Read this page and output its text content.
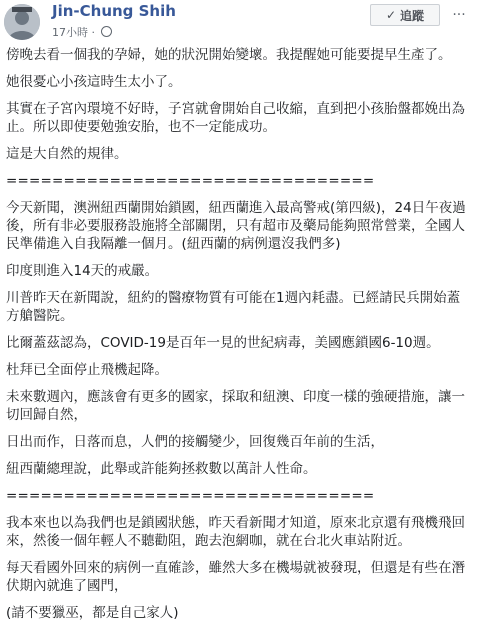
Jin-Chung Shih
17小時 ·
✓ 追蹤	···

傍晚去看一個我的孕婦，她的狀況開始變壞。我提醒她可能要提早生產了。

她很憂心小孩這時生太小了。

其實在子宮內環境不好時，子宮就會開始自己收縮，直到把小孩胎盤都娩出為止。所以即使要勉強安胎，也不一定能成功。

這是大自然的規律。

================================

今天新聞，澳洲紐西蘭開始鎖國，紐西蘭進入最高警戒(第四級)，24日午夜過後，所有非必要服務設施將全部關閉，只有超市及藥局能夠照常營業，全國人民準備進入自我隔離一個月。(紐西蘭的病例還沒我們多)

印度則進入14天的戒嚴。

川普昨天在新聞說，紐約的醫療物質有可能在1週內耗盡。已經請民兵開始蓋方艙醫院。

比爾蓋茲認為，COVID-19是百年一見的世紀病毒，美國應鎖國6-10週。

杜拜已全面停止飛機起降。

未來數週內，應該會有更多的國家，採取和紐澳、印度一樣的強硬措施，讓一切回歸自然，

日出而作，日落而息，人們的接觸變少，回復幾百年前的生活，

紐西蘭總理說，此舉或許能夠拯救數以萬計人性命。

================================

我本來也以為我們也是鎖國狀態，昨天看新聞才知道，原來北京還有飛機飛回來，然後一個年輕人不聽勸阻，跑去泡網咖，就在台北火車站附近。

每天看國外回來的病例一直確診，雖然大多在機場就被發現，但還是有些在潛伏期內就進了國門，

(請不要獵巫，都是自己家人)
